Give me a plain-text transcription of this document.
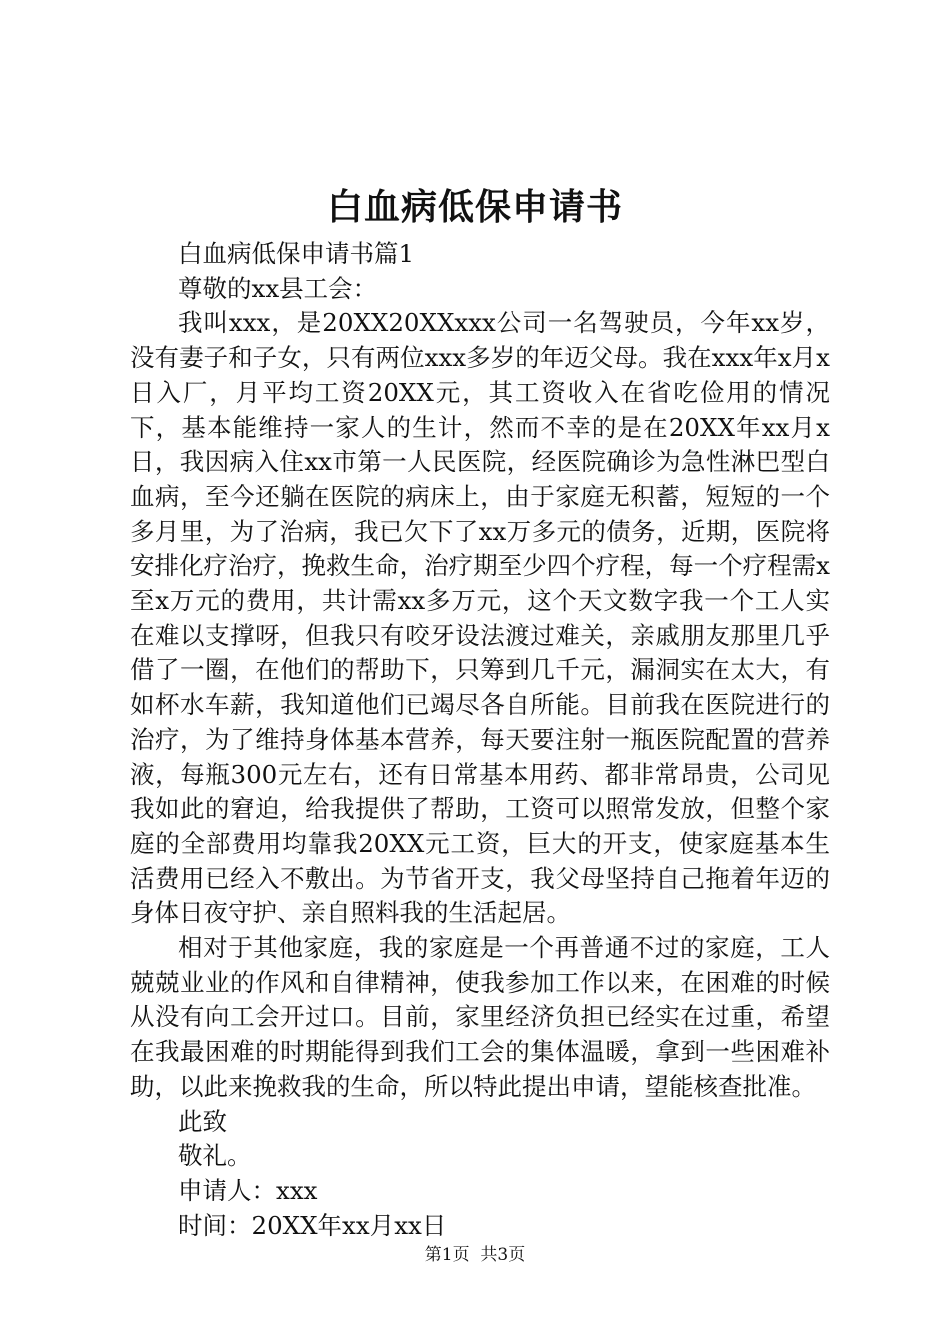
白血病低保申请书
白血病低保申请书篇1
尊敬的xx县工会：

我叫xxx，是20XX20XXxxx公司一名驾驶员，今年xx岁，没有妻子和子女，只有两位xxx多岁的年迈父母。我在xxx年x月x日入厂，月平均工资20XX元，其工资收入在省吃俭用的情况下，基本能维持一家人的生计，然而不幸的是在20XX年xx月x日，我因病入住xx市第一人民医院，经医院确诊为急性淋巴型白血病，至今还躺在医院的病床上，由于家庭无积蓄，短短的一个多月里，为了治病，我已欠下了xx万多元的债务，近期，医院将安排化疗治疗，挽救生命，治疗期至少四个疗程，每一个疗程需x至x万元的费用，共计需xx多万元，这个天文数字我一个工人实在难以支撑呀，但我只有咬牙设法渡过难关，亲戚朋友那里几乎借了一圈，在他们的帮助下，只筹到几千元，漏洞实在太大，有如杯水车薪，我知道他们已竭尽各自所能。目前我在医院进行的治疗，为了维持身体基本营养，每天要注射一瓶医院配置的营养液，每瓶300元左右，还有日常基本用药、都非常昂贵，公司见我如此的窘迫，给我提供了帮助，工资可以照常发放，但整个家庭的全部费用均靠我20XX元工资，巨大的开支，使家庭基本生活费用已经入不敷出。为节省开支，我父母坚持自己拖着年迈的身体日夜守护、亲自照料我的生活起居。

相对于其他家庭，我的家庭是一个再普通不过的家庭，工人兢兢业业的作风和自律精神，使我参加工作以来，在困难的时候从没有向工会开过口。目前，家里经济负担已经实在过重，希望在我最困难的时期能得到我们工会的集体温暖，拿到一些困难补助，以此来挽救我的生命，所以特此提出申请，望能核查批准。

此致
敬礼。
申请人：xxx
时间：20XX年xx月xx日
第1页 共3页
